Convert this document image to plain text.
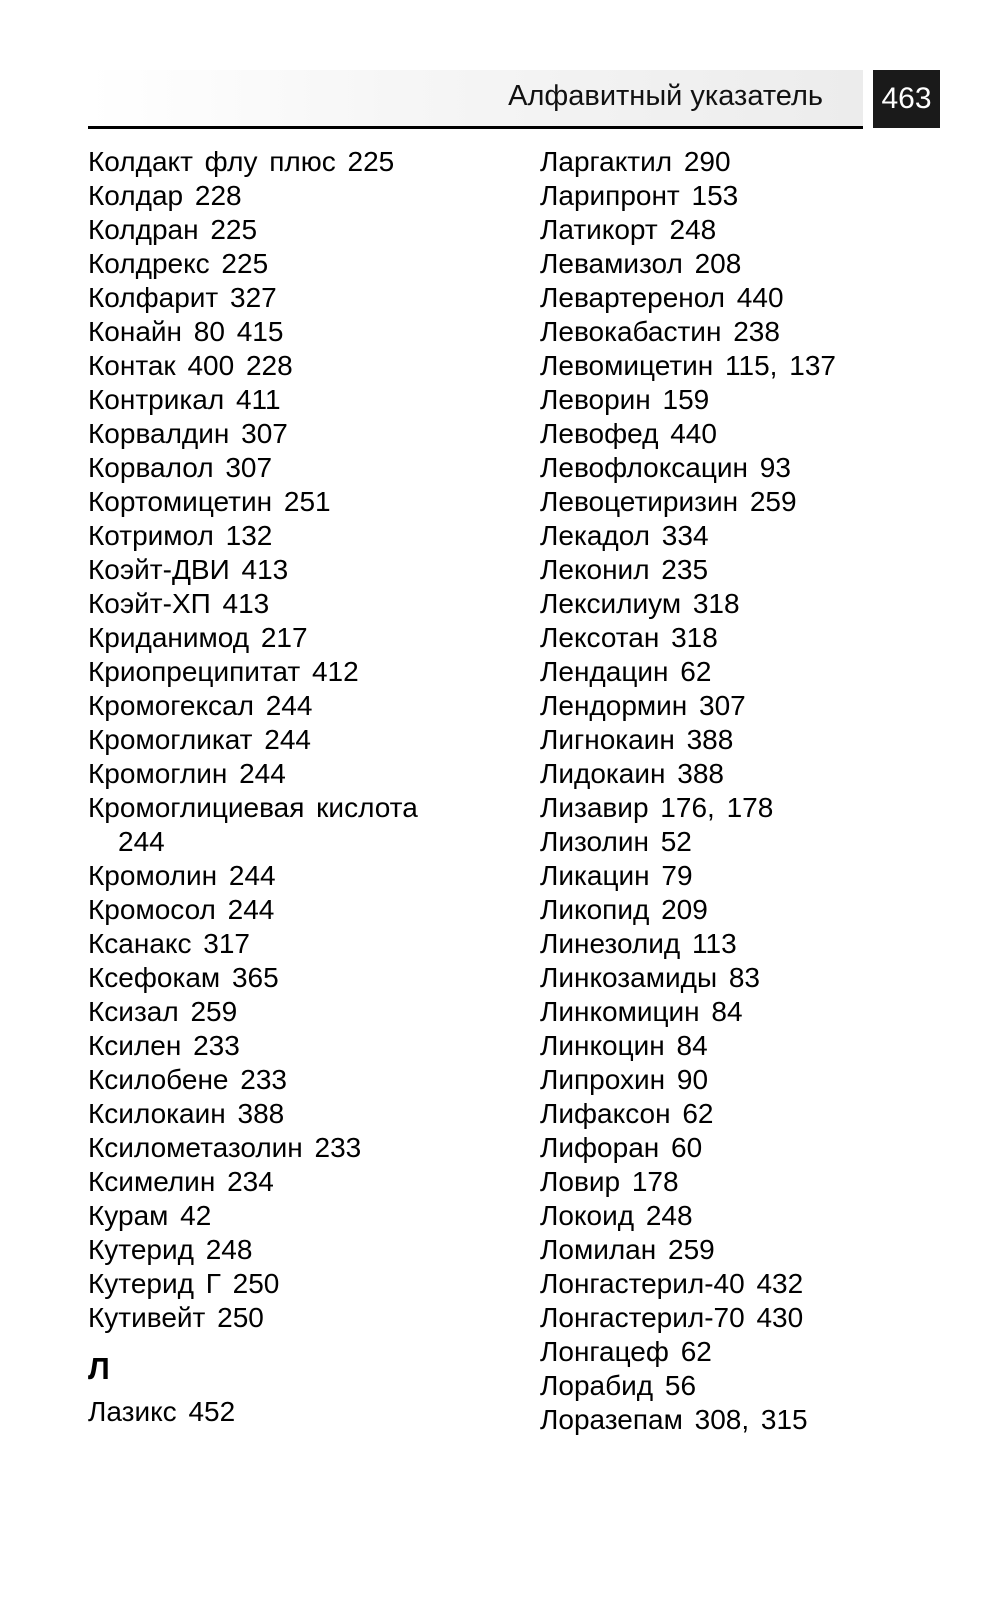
Алфавитный указатель 463
Колдакт флу плюс 225
Колдар 228
Колдран 225
Колдрекс 225
Колфарит 327
Конайн 80 415
Контак 400 228
Контрикал 411
Корвалдин 307
Корвалол 307
Кортомицетин 251
Котримол 132
Коэйт-ДВИ 413
Коэйт-ХП 413
Криданимод 217
Криопреципитат 412
Кромогексал 244
Кромогликат 244
Кромоглин 244
Кромоглициевая кислота
244
Кромолин 244
Кромосол 244
Ксанакс 317
Ксефокам 365
Ксизал 259
Ксилен 233
Ксилобене 233
Ксилокаин 388
Ксилометазолин 233
Ксимелин 234
Курам 42
Кутерид 248
Кутерид Г 250
Кутивейт 250
Л
Лазикс 452
Ларгактил 290
Ларипронт 153
Латикорт 248
Левамизол 208
Левартеренол 440
Левокабастин 238
Левомицетин 115, 137
Леворин 159
Левофед 440
Левофлоксацин 93
Левоцетиризин 259
Лекадол 334
Леконил 235
Лексилиум 318
Лексотан 318
Лендацин 62
Лендормин 307
Лигнокаин 388
Лидокаин 388
Лизавир 176, 178
Лизолин 52
Ликацин 79
Ликопид 209
Линезолид 113
Линкозамиды 83
Линкомицин 84
Линкоцин 84
Липрохин 90
Лифаксон 62
Лифоран 60
Ловир 178
Локоид 248
Ломилан 259
Лонгастерил-40 432
Лонгастерил-70 430
Лонгацеф 62
Лорабид 56
Лоразепам 308, 315
